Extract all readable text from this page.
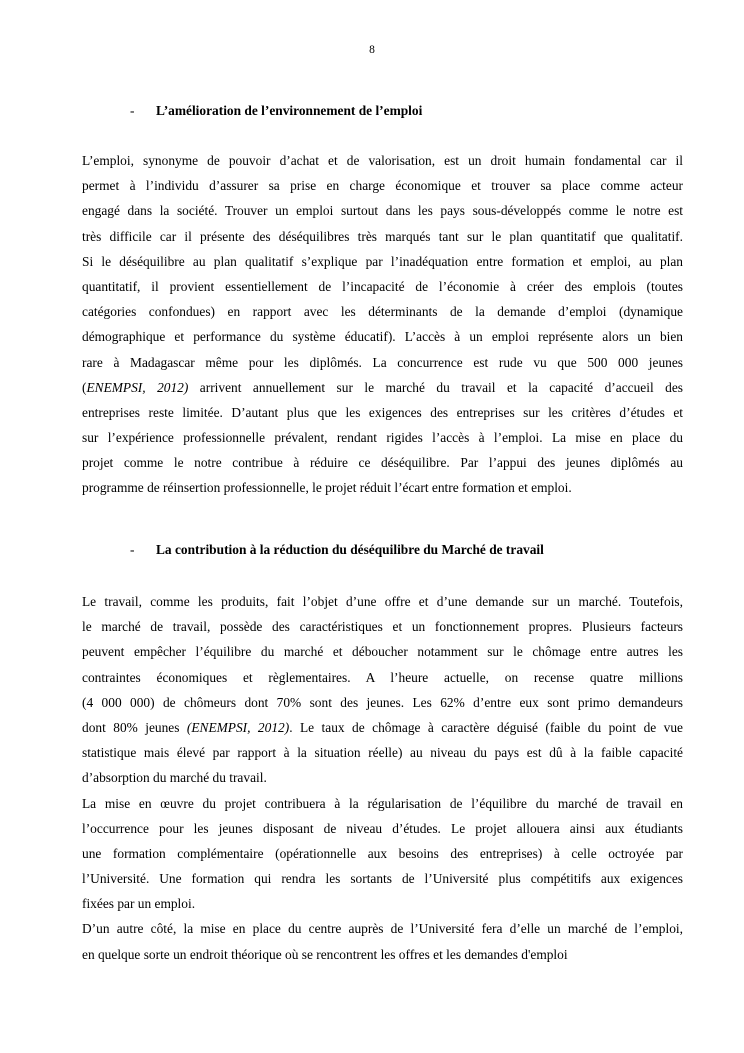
8
- L’amélioration de l’environnement de l’emploi
L’emploi, synonyme de pouvoir d’achat et de valorisation, est un droit humain fondamental car il
permet à l’individu d’assurer sa prise en charge économique et trouver sa place comme acteur
engagé dans la société. Trouver un emploi surtout dans les pays sous-développés comme le notre est
très difficile car il présente des déséquilibres très marqués tant sur le plan quantitatif que qualitatif.
Si le déséquilibre au plan qualitatif s’explique par l’inadéquation entre formation et emploi, au plan
quantitatif, il provient essentiellement de l’incapacité de l’économie à créer des emplois (toutes
catégories confondues) en rapport avec les déterminants de la demande d’emploi (dynamique
démographique et performance du système éducatif). L’accès à un emploi représente alors un bien
rare à Madagascar même pour les diplômés. La concurrence est rude vu que 500 000 jeunes
(ENEMPSI, 2012) arrivent annuellement sur le marché du travail et la capacité d’accueil des
entreprises reste limitée. D’autant plus que les exigences des entreprises sur les critères d’études et
sur l’expérience professionnelle prévalent, rendant rigides l’accès à l’emploi. La mise en place du
projet comme le notre contribue à réduire ce déséquilibre. Par l’appui des jeunes diplômés au
programme de réinsertion professionnelle, le projet réduit l’écart entre formation et emploi.
- La contribution à la réduction du déséquilibre du Marché de travail
Le travail, comme les produits, fait l’objet d’une offre et d’une demande sur un marché. Toutefois,
le marché de travail, possède des caractéristiques et un fonctionnement propres. Plusieurs facteurs
peuvent empêcher l’équilibre du marché et déboucher notamment sur le chômage entre autres les
contraintes économiques et règlementaires. A l’heure actuelle, on recense quatre millions
(4 000 000) de chômeurs dont 70% sont des jeunes. Les 62% d’entre eux sont primo demandeurs
dont 80% jeunes (ENEMPSI, 2012). Le taux de chômage à caractère déguisé (faible du point de vue
statistique mais élevé par rapport à la situation réelle) au niveau du pays est dû à la faible capacité
d’absorption du marché du travail.
La mise en œuvre du projet contribuera à la régularisation de l’équilibre du marché de travail en
l’occurrence pour les jeunes disposant de niveau d’études. Le projet allouera ainsi aux étudiants
une formation complémentaire (opérationnelle aux besoins des entreprises) à celle octroyée par
l’Université. Une formation qui rendra les sortants de l’Université plus compétitifs aux exigences
fixées par un emploi.
D’un autre côté, la mise en place du centre auprès de l’Université fera d’elle un marché de l’emploi,
en quelque sorte un endroit théorique où se rencontrent les offres et les demandes d'emploi
